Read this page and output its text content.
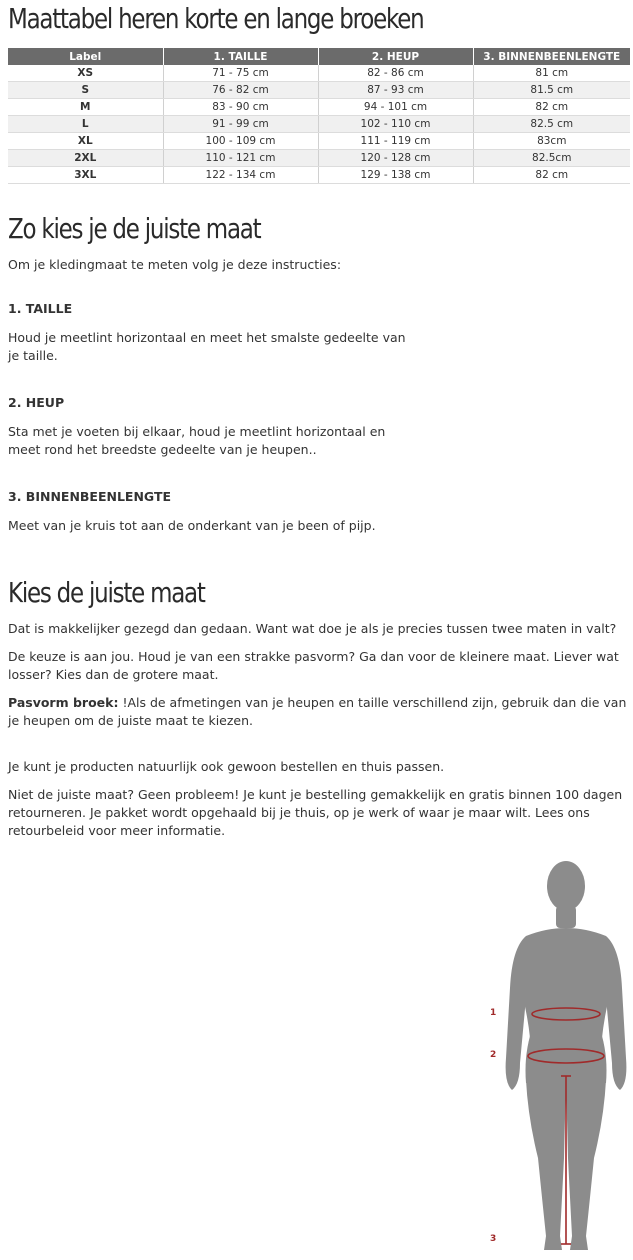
Maattabel heren korte en lange broeken
Label	1. TAILLE	2. HEUP	3. BINNENBEENLENGTE
XS	71 - 75 cm	82 - 86 cm	81 cm
S	76 - 82 cm	87 - 93 cm	81.5 cm
M	83 - 90 cm	94 - 101 cm	82 cm
L	91 - 99 cm	102 - 110 cm	82.5 cm
XL	100 - 109 cm	111 - 119 cm	83cm
2XL	110 - 121 cm	120 - 128 cm	82.5cm
3XL	122 - 134 cm	129 - 138 cm	82 cm
Zo kies je de juiste maat

Om je kledingmaat te meten volg je deze instructies:

1. TAILLE

Houd je meetlint horizontaal en meet het smalste gedeelte van je taille.

2. HEUP

Sta met je voeten bij elkaar, houd je meetlint horizontaal en meet rond het breedste gedeelte van je heupen..

3. BINNENBEENLENGTE

Meet van je kruis tot aan de onderkant van je been of pijp.

Kies de juiste maat

Dat is makkelijker gezegd dan gedaan. Want wat doe je als je precies tussen twee maten in valt?

De keuze is aan jou. Houd je van een strakke pasvorm? Ga dan voor de kleinere maat. Liever wat losser? Kies dan de grotere maat.

Pasvorm broek: !Als de afmetingen van je heupen en taille verschillend zijn, gebruik dan die van je heupen om de juiste maat te kiezen.

Je kunt je producten natuurlijk ook gewoon bestellen en thuis passen.

Niet de juiste maat? Geen probleem! Je kunt je bestelling gemakkelijk en gratis binnen 100 dagen retourneren. Je pakket wordt opgehaald bij je thuis, op je werk of waar je maar wilt. Lees ons retourbeleid voor meer informatie.

1
2
3
